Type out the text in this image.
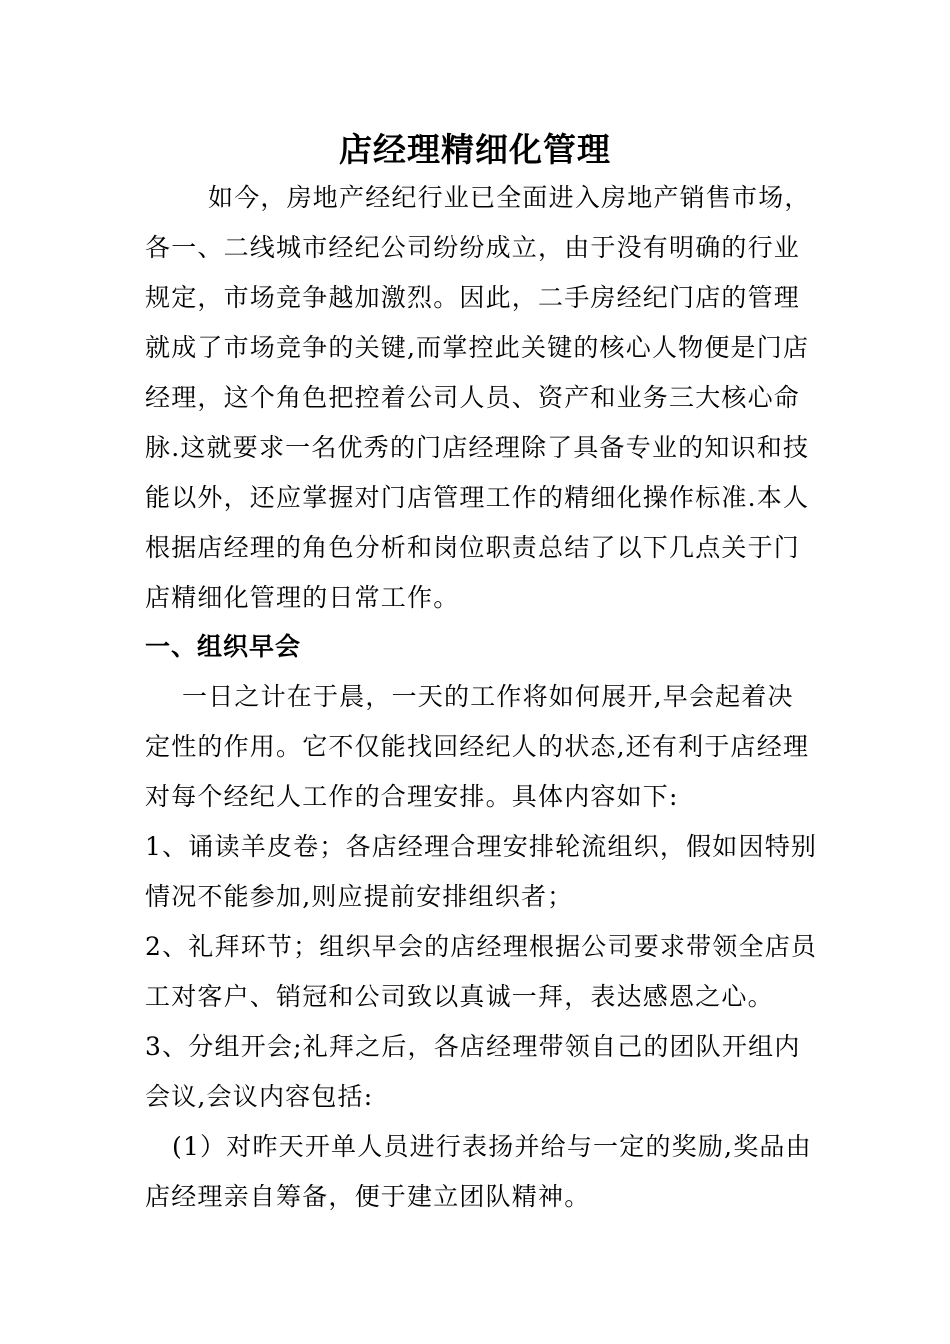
店经理精细化管理
如今，房地产经纪行业已全面进入房地产销售市场，
各一、二线城市经纪公司纷纷成立，由于没有明确的行业
规定，市场竞争越加激烈。因此，二手房经纪门店的管理
就成了市场竞争的关键,而掌控此关键的核心人物便是门店
经理，这个角色把控着公司人员、资产和业务三大核心命
脉.这就要求一名优秀的门店经理除了具备专业的知识和技
能以外，还应掌握对门店管理工作的精细化操作标准.本人
根据店经理的角色分析和岗位职责总结了以下几点关于门
店精细化管理的日常工作。
一、组织早会
一日之计在于晨，一天的工作将如何展开,早会起着决
定性的作用。它不仅能找回经纪人的状态,还有利于店经理
对每个经纪人工作的合理安排。具体内容如下:
1、诵读羊皮卷；各店经理合理安排轮流组织，假如因特别
情况不能参加,则应提前安排组织者；
2、礼拜环节；组织早会的店经理根据公司要求带领全店员
工对客户、销冠和公司致以真诚一拜，表达感恩之心。
3、分组开会;礼拜之后，各店经理带领自己的团队开组内
会议,会议内容包括:
(1）对昨天开单人员进行表扬并给与一定的奖励,奖品由
店经理亲自筹备，便于建立团队精神。
